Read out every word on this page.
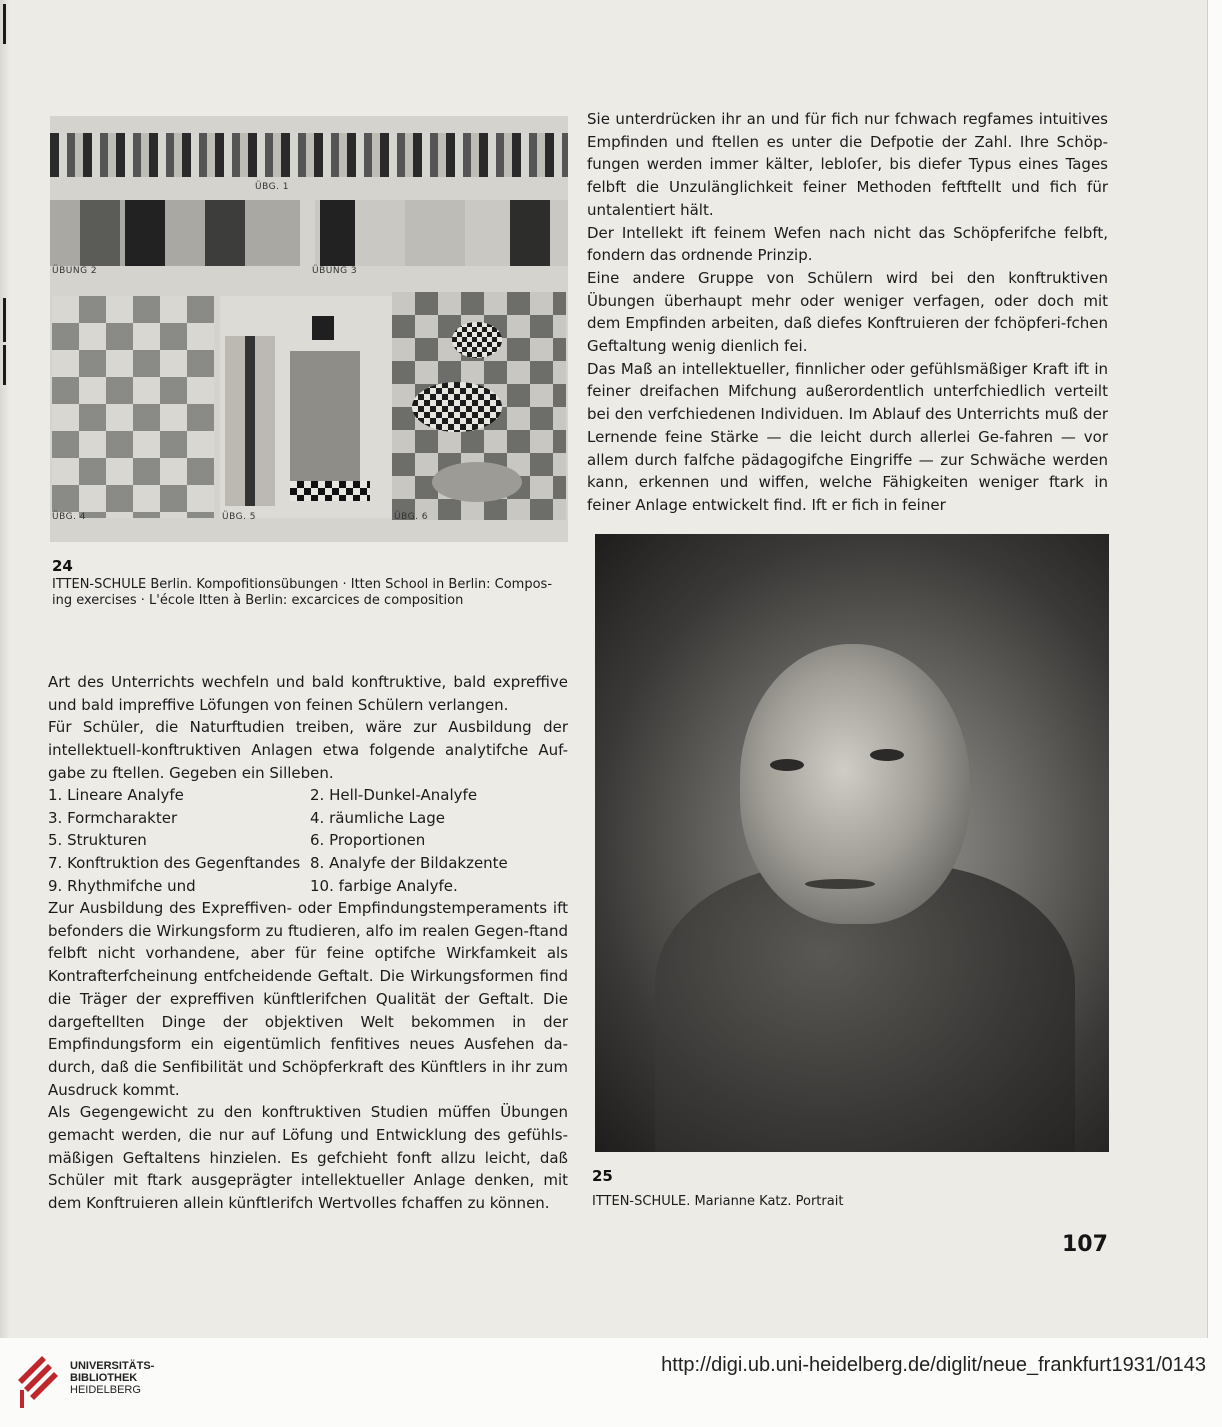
ÜBG. 1
ÜBUNG 2	ÜBUNG 3
ÜBG. 4	ÜBG. 5	ÜBG. 6
24
ITTEN-SCHULE Berlin. Kompofitionsübungen · Itten School in Berlin: Compos-ing exercises · L'école Itten à Berlin: excarcices de composition

Sie unterdrücken ihr an und für fich nur fchwach regfames intuitives Empfinden und ftellen es unter die Defpotie der Zahl. Ihre Schöp-fungen werden immer kälter, lebloſer, bis diefer Typus eines Tages felbft die Unzulänglichkeit feiner Methoden feftftellt und fich für untalentiert hält.

Der Intellekt ift feinem Wefen nach nicht das Schöpferifche felbft, fondern das ordnende Prinzip.

Eine andere Gruppe von Schülern wird bei den konftruktiven Übungen überhaupt mehr oder weniger verfagen, oder doch mit dem Empfinden arbeiten, daß diefes Konftruieren der fchöpferi-fchen Geftaltung wenig dienlich fei.

Das Maß an intellektueller, finnlicher oder gefühlsmäßiger Kraft ift in feiner dreifachen Mifchung außerordentlich unterfchiedlich verteilt bei den verfchiedenen Individuen. Im Ablauf des Unterrichts muß der Lernende feine Stärke — die leicht durch allerlei Ge-fahren — vor allem durch falfche pädagogifche Eingriffe — zur Schwäche werden kann, erkennen und wiffen, welche Fähigkeiten weniger ftark in feiner Anlage entwickelt find. Ift er fich in feiner

Art des Unterrichts wechfeln und bald konftruktive, bald expreffive und bald impreffive Löfungen von feinen Schülern verlangen.

Für Schüler, die Naturftudien treiben, wäre zur Ausbildung der intellektuell-konftruktiven Anlagen etwa folgende analytifche Auf-gabe zu ftellen. Gegeben ein Silleben.

1. Lineare Analyfe	2. Hell-Dunkel-Analyfe
3. Formcharakter	4. räumliche Lage
5. Strukturen	6. Proportionen
7. Konftruktion des Gegenftandes 8. Analyfe der Bildakzente
9. Rhythmifche und	10. farbige Analyfe.

Zur Ausbildung des Expreffiven- oder Empfindungstemperaments ift befonders die Wirkungsform zu ftudieren, alfo im realen Gegen-ftand felbft nicht vorhandene, aber für feine optifche Wirkfamkeit als Kontrafterfcheinung entfcheidende Geftalt. Die Wirkungsformen find die Träger der expreffiven künftlerifchen Qualität der Geftalt. Die dargeftellten Dinge der objektiven Welt bekommen in der Empfindungsform ein eigentümlich fenfitives neues Ausfehen da-durch, daß die Senfibilität und Schöpferkraft des Künftlers in ihr zum Ausdruck kommt.

Als Gegengewicht zu den konftruktiven Studien müffen Übungen gemacht werden, die nur auf Löfung und Entwicklung des gefühls-mäßigen Geftaltens hinzielen. Es gefchieht fonft allzu leicht, daß Schüler mit ftark ausgeprägter intellektueller Anlage denken, mit dem Konftruieren allein künftlerifch Wertvolles fchaffen zu können.

25
ITTEN-SCHULE. Marianne Katz. Portrait
107
UNIVERSITÄTS-
BIBLIOTHEK
HEIDELBERG
http://digi.ub.uni-heidelberg.de/diglit/neue_frankfurt1931/0143
